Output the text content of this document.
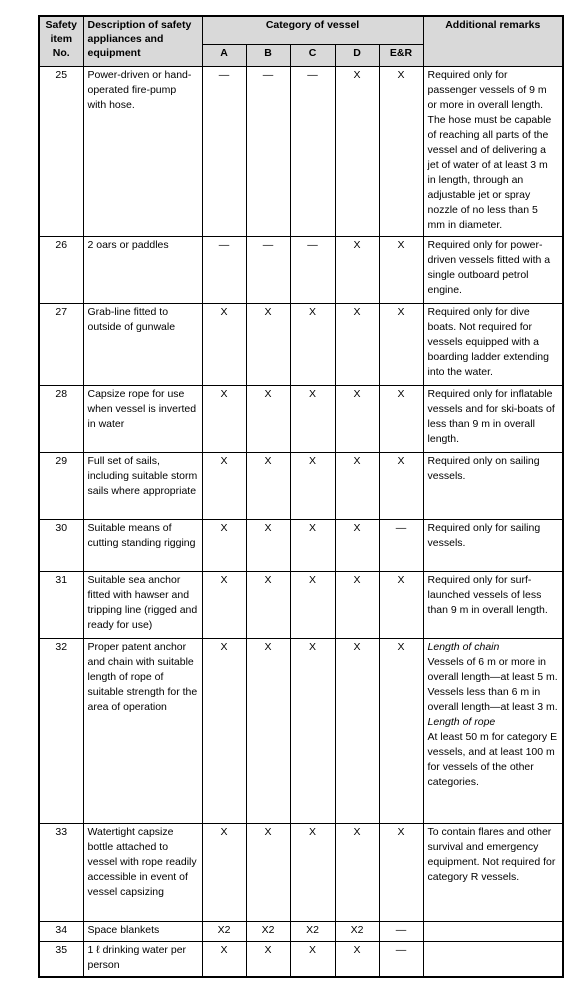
Safety item No.	Description of safety appliances and equipment	Category of vessel					Additional remarks
		A	B	C	D	E&R	
25	Power-driven or hand-operated fire-pump with hose.	—	—	—	X	X	Required only for passenger vessels of 9 m or more in overall length. The hose must be capable of reaching all parts of the vessel and of delivering a jet of water of at least 3 m in length, through an adjustable jet or spray nozzle of no less than 5 mm in diameter.
26	2 oars or paddles	—	—	—	X	X	Required only for power-driven vessels fitted with a single outboard petrol engine.
27	Grab-line fitted to outside of gunwale	X	X	X	X	X	Required only for dive boats. Not required for vessels equipped with a boarding ladder extending into the water.
28	Capsize rope for use when vessel is inverted in water	X	X	X	X	X	Required only for inflatable vessels and for ski-boats of less than 9 m in overall length.
29	Full set of sails, including suitable storm sails where appropriate	X	X	X	X	X	Required only on sailing vessels.
30	Suitable means of cutting standing rigging	X	X	X	X	—	Required only for sailing vessels.
31	Suitable sea anchor fitted with hawser and tripping line (rigged and ready for use)	X	X	X	X	X	Required only for surf-launched vessels of less than 9 m in overall length.
32	Proper patent anchor and chain with suitable length of rope of suitable strength for the area of operation	X	X	X	X	X	Length of chain
Vessels of 6 m or more in overall length—at least 5 m.
Vessels less than 6 m in overall length—at least 3 m.
Length of rope
At least 50 m for category E vessels, and at least 100 m for vessels of the other categories.

33	Watertight capsize bottle attached to vessel with rope readily accessible in event of vessel capsizing	X	X	X	X	X	To contain flares and other survival and emergency equipment. Not required for category R vessels.
34	Space blankets	X2	X2	X2	X2	—	
35	1 ℓ drinking water per person	X	X	X	X	—	
